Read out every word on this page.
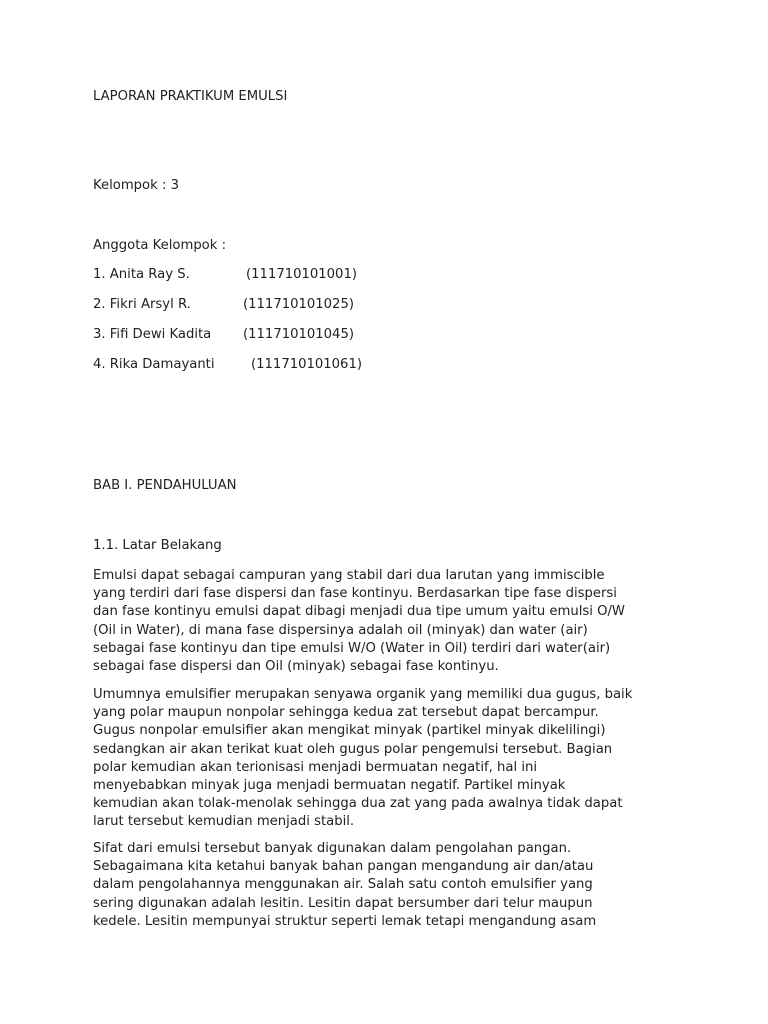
LAPORAN PRAKTIKUM EMULSI
Kelompok : 3
Anggota Kelompok :
1. Anita Ray S.	(111710101001)
2. Fikri Arsyl R.	(111710101025)
3. Fifi Dewi Kadita (111710101045)
4. Rika Damayanti	(111710101061)
BAB I. PENDAHULUAN
1.1. Latar Belakang
Emulsi dapat sebagai campuran yang stabil dari dua larutan yang immiscible
yang terdiri dari fase dispersi dan fase kontinyu. Berdasarkan tipe fase dispersi
dan fase kontinyu emulsi dapat dibagi menjadi dua tipe umum yaitu emulsi O/W
(Oil in Water), di mana fase dispersinya adalah oil (minyak) dan water (air)
sebagai fase kontinyu dan tipe emulsi W/O (Water in Oil) terdiri dari water(air)
sebagai fase dispersi dan Oil (minyak) sebagai fase kontinyu.
Umumnya emulsifier merupakan senyawa organik yang memiliki dua gugus, baik
yang polar maupun nonpolar sehingga kedua zat tersebut dapat bercampur.
Gugus nonpolar emulsifier akan mengikat minyak (partikel minyak dikelilingi)
sedangkan air akan terikat kuat oleh gugus polar pengemulsi tersebut. Bagian
polar kemudian akan terionisasi menjadi bermuatan negatif, hal ini
menyebabkan minyak juga menjadi bermuatan negatif. Partikel minyak
kemudian akan tolak-menolak sehingga dua zat yang pada awalnya tidak dapat
larut tersebut kemudian menjadi stabil.
Sifat dari emulsi tersebut banyak digunakan dalam pengolahan pangan.
Sebagaimana kita ketahui banyak bahan pangan mengandung air dan/atau
dalam pengolahannya menggunakan air. Salah satu contoh emulsifier yang
sering digunakan adalah lesitin. Lesitin dapat bersumber dari telur maupun
kedele. Lesitin mempunyai struktur seperti lemak tetapi mengandung asam
